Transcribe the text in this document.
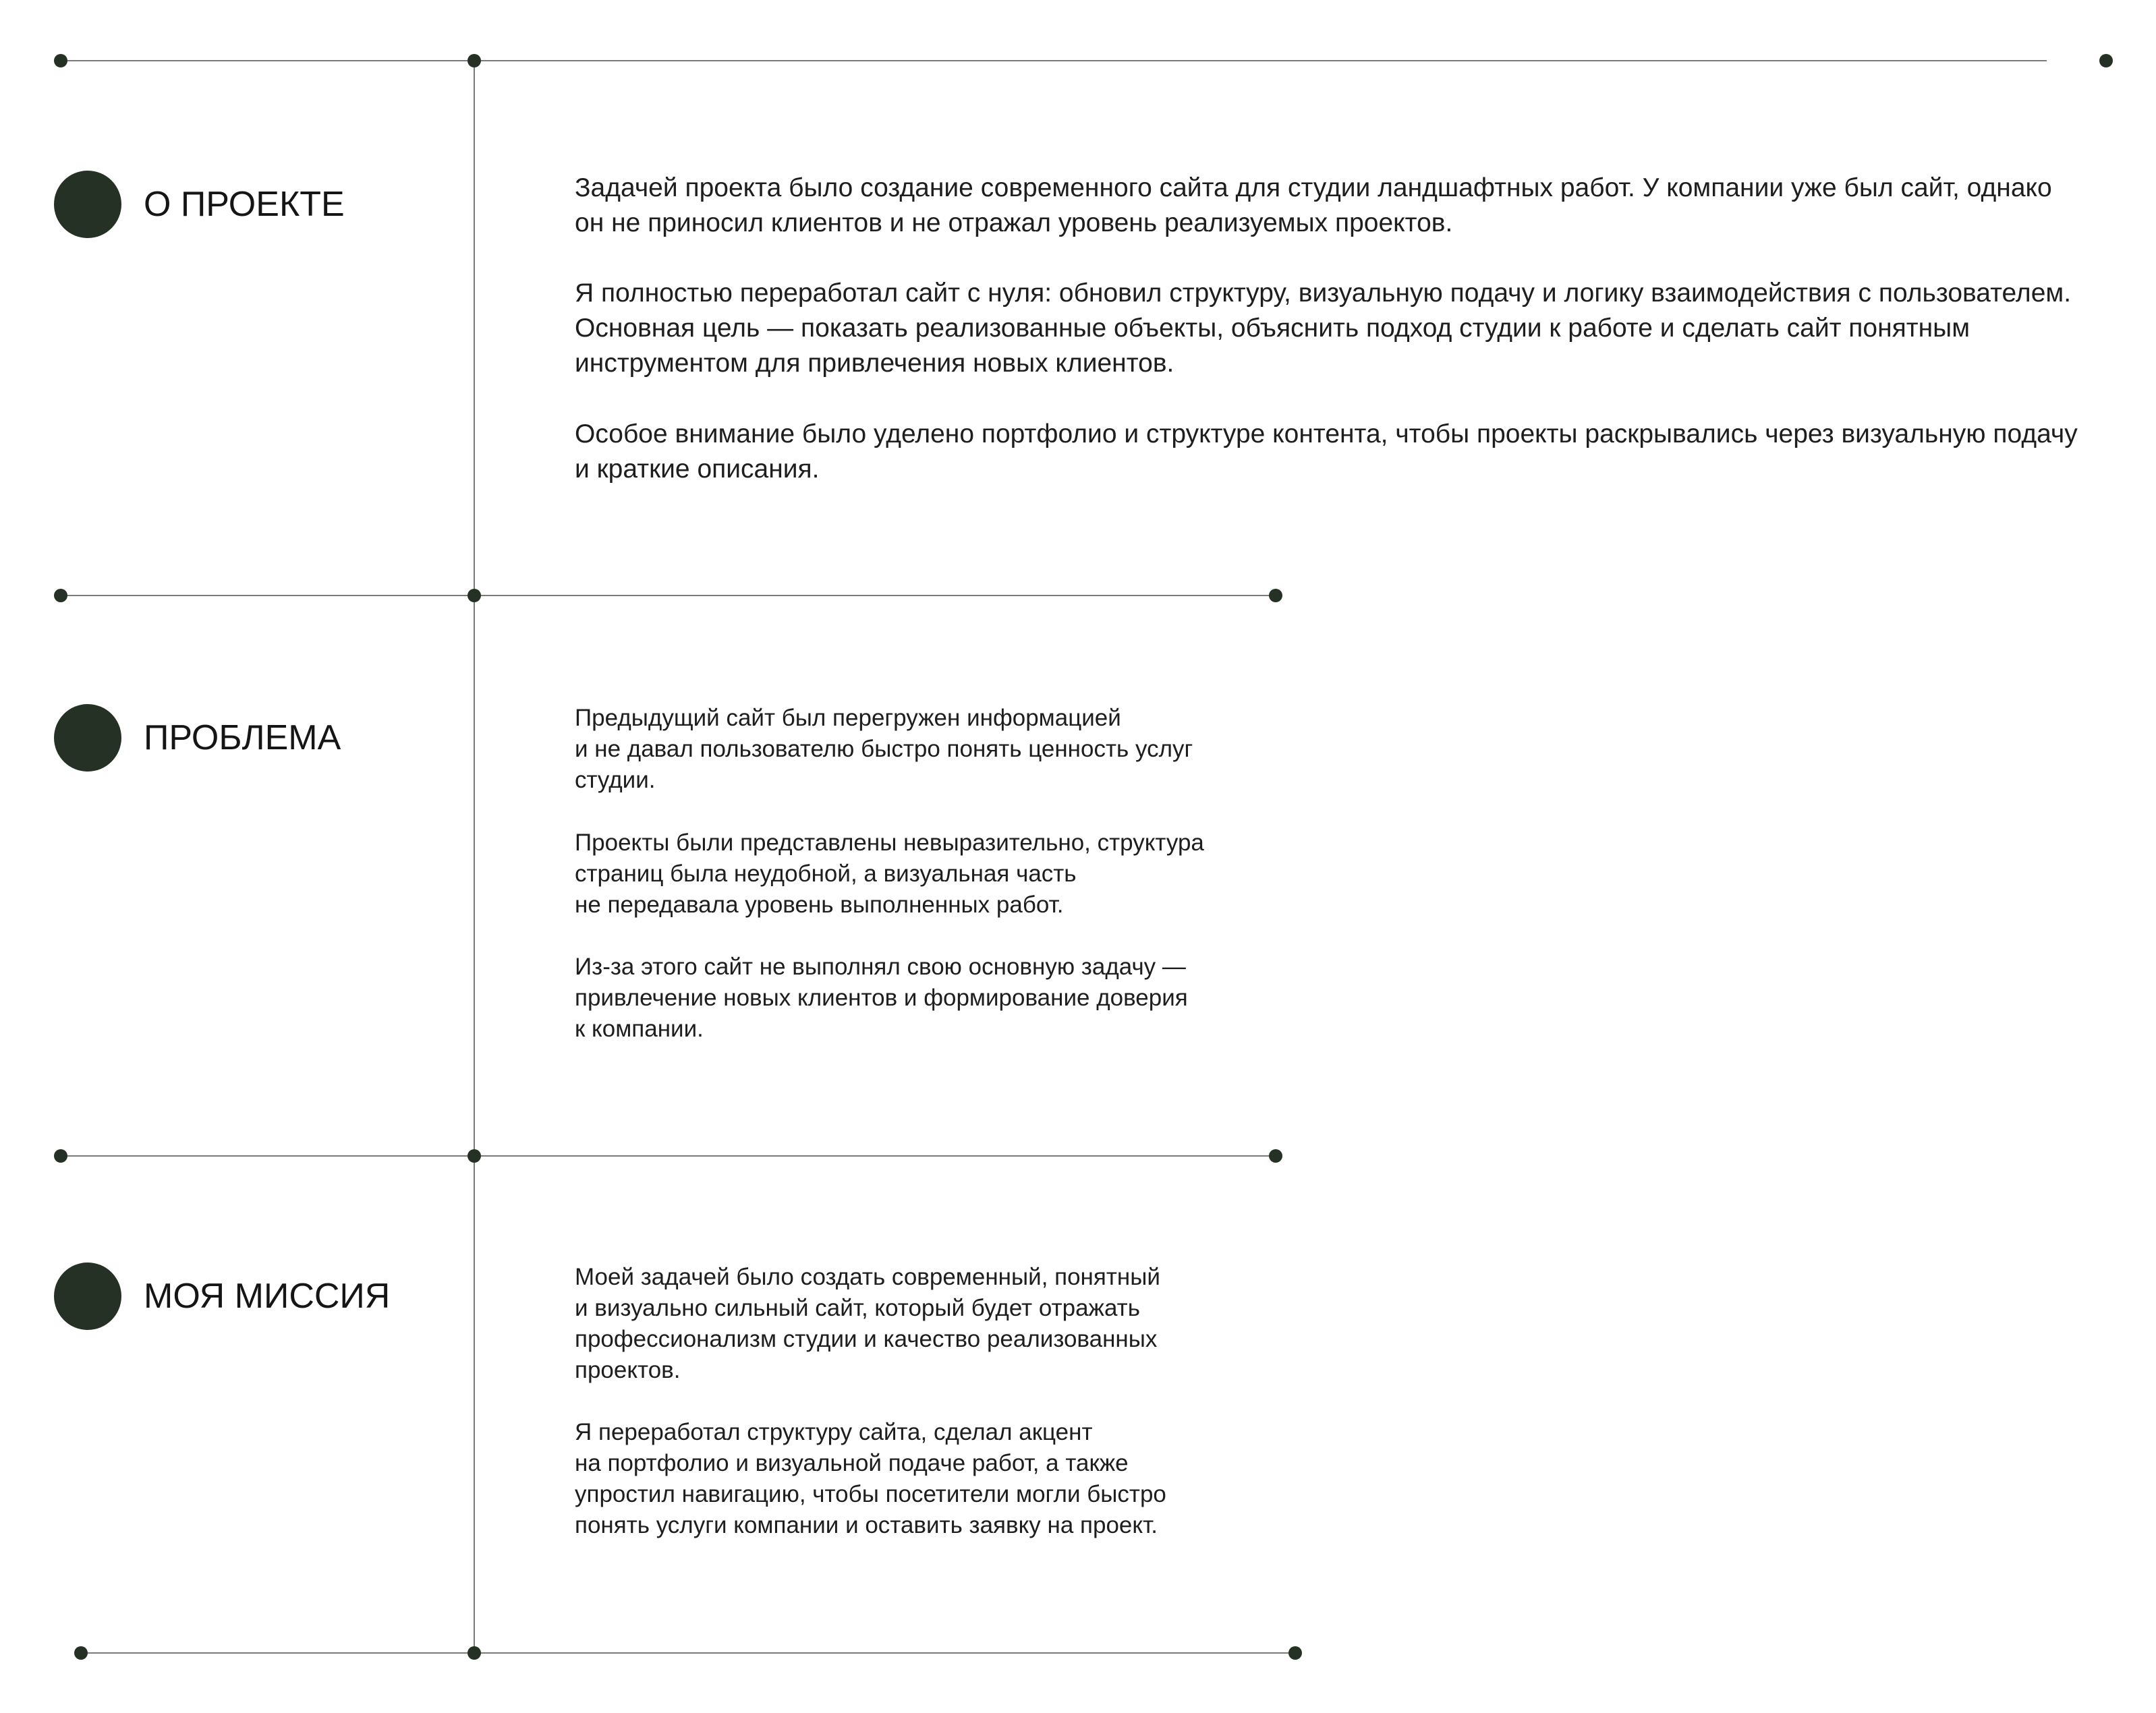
О ПРОЕКТЕ	Задачей проекта было создание современного сайта для студии ландшафтных работ. У компании уже был сайт, однако
он не приносил клиентов и не отражал уровень реализуемых проектов.

Я полностью переработал сайт с нуля: обновил структуру, визуальную подачу и логику взаимодействия с пользователем.
Основная цель — показать реализованные объекты, объяснить подход студии к работе и сделать сайт понятным
инструментом для привлечения новых клиентов.

Особое внимание было уделено портфолио и структуре контента, чтобы проекты раскрывались через визуальную подачу
и краткие описания.

ПРОБЛЕМА

Предыдущий сайт был перегружен информацией
и не давал пользователю быстро понять ценность услуг
студии.

Проекты были представлены невыразительно, структура
страниц была неудобной, а визуальная часть
не передавала уровень выполненных работ.

Из-за этого сайт не выполнял свою основную задачу —
привлечение новых клиентов и формирование доверия
к компании.

МОЯ МИССИЯ	Моей задачей было создать современный, понятный
и визуально сильный сайт, который будет отражать
профессионализм студии и качество реализованных
проектов.

Я переработал структуру сайта, сделал акцент
на портфолио и визуальной подаче работ, а также
упростил навигацию, чтобы посетители могли быстро
понять услуги компании и оставить заявку на проект.
